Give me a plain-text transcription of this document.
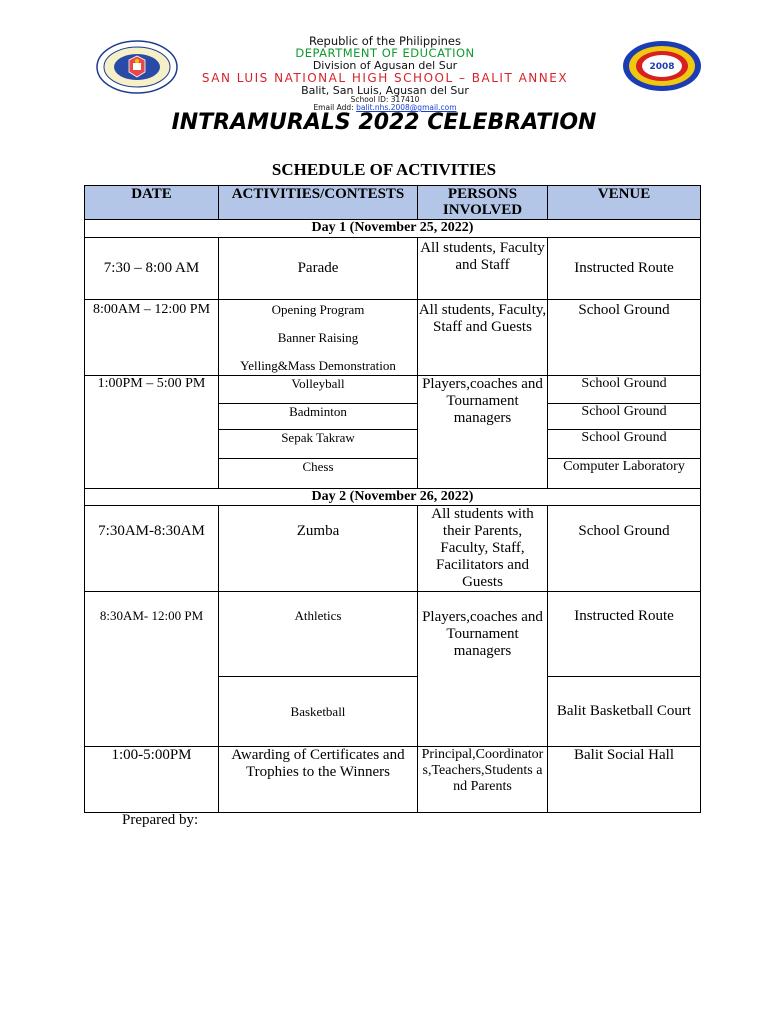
Republic of the Philippines
DEPARTMENT OF EDUCATION
Division of Agusan del Sur
SAN LUIS NATIONAL HIGH SCHOOL – BALIT ANNEX
Balit, San Luis, Agusan del Sur
School ID: 317410
Email Add: balit.nhs.2008@gmail.com
2008
INTRAMURALS 2022 CELEBRATION
SCHEDULE OF ACTIVITIES
DATE	ACTIVITIES/CONTESTS	PERSONS INVOLVED	VENUE
Day 1 (November 25, 2022)			
7:30 – 8:00 AM	Parade	All students, Faculty and Staff	Instructed Route
8:00AM – 12:00 PM	Opening Program
Banner Raising
Yelling&Mass Demonstration	All students, Faculty, Staff and Guests	School Ground
1:00PM – 5:00 PM	Volleyball	Players,coaches and Tournament managers	School Ground
	Badminton		School Ground
	Sepak Takraw		School Ground
	Chess		Computer Laboratory
Day 2 (November 26, 2022)			
7:30AM-8:30AM	Zumba	All students with their Parents, Faculty, Staff, Facilitators and Guests	School Ground
8:30AM- 12:00 PM	Athletics	Players,coaches and Tournament managers	Instructed Route
	Basketball		Balit Basketball Court
1:00-5:00PM	Awarding of Certificates and Trophies to the Winners	Principal,Coordinators,Teachers,Students and Parents	Balit Social Hall
Prepared by:
